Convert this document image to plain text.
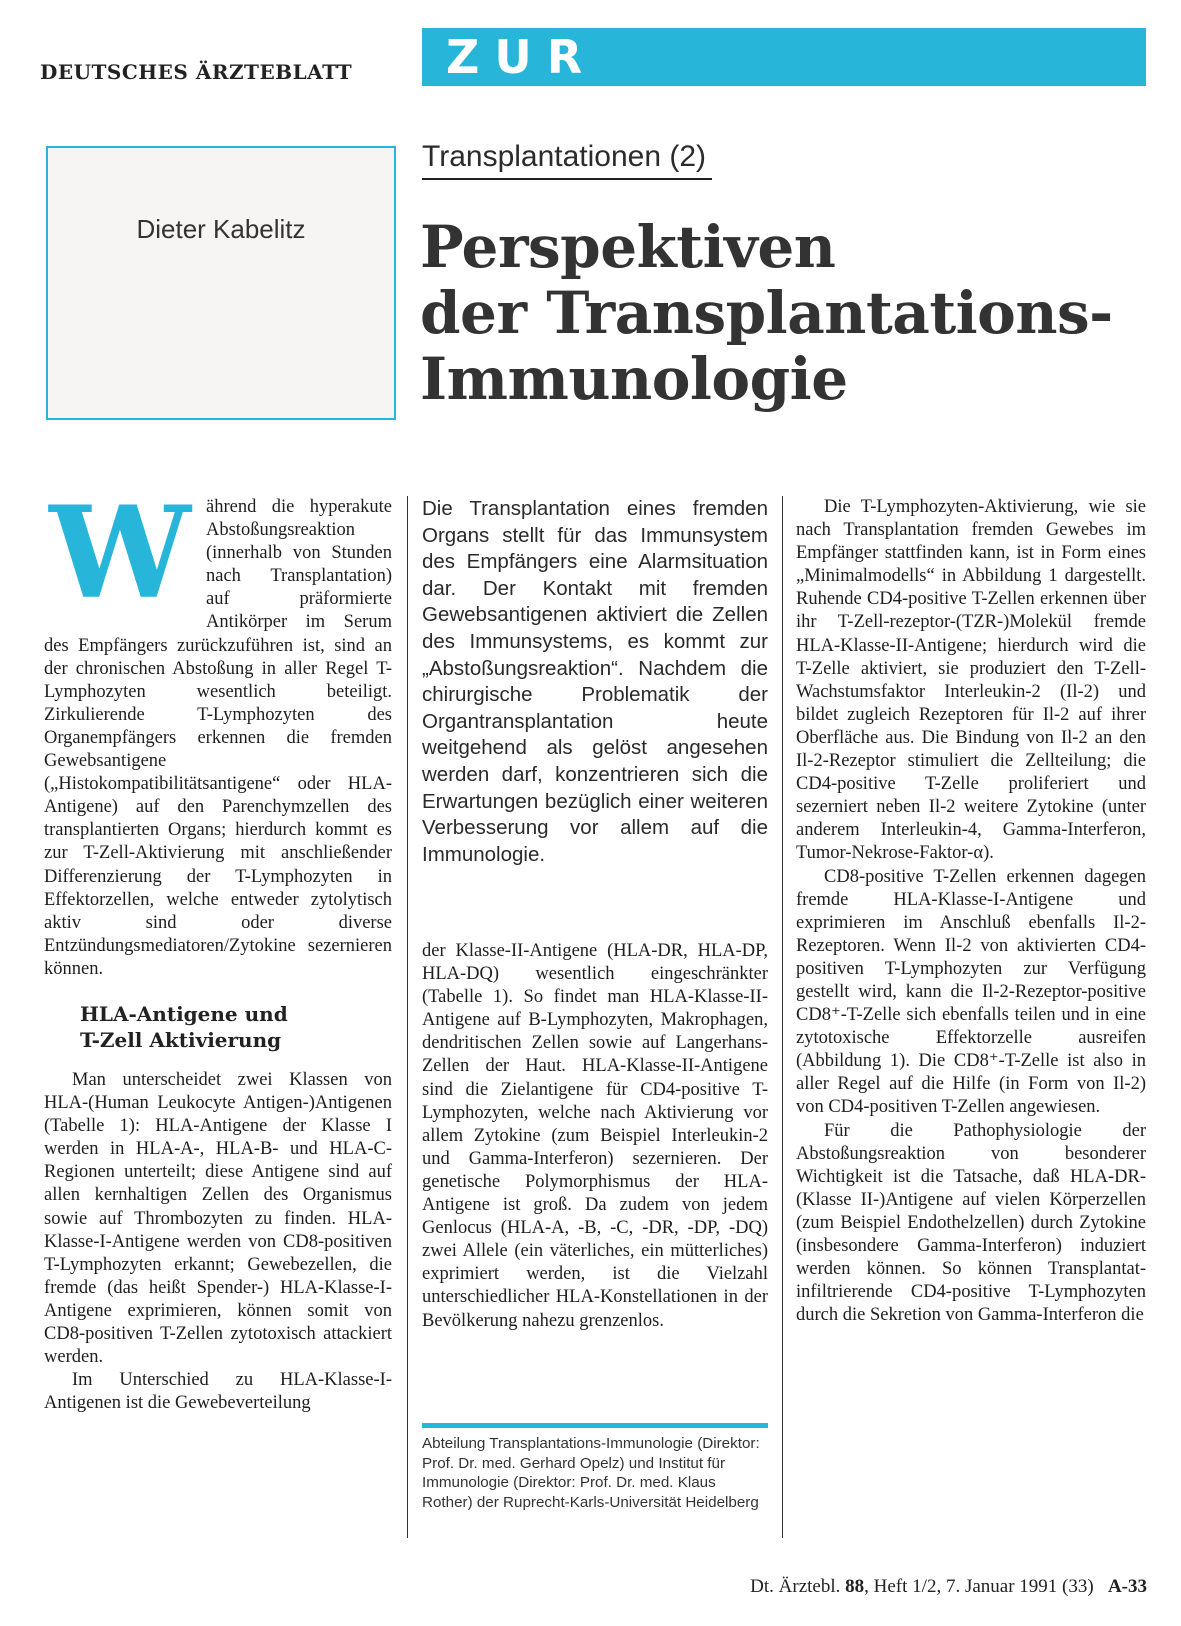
DEUTSCHES ÄRZTEBLATT ZUR FORTBILDUNG
Dieter Kabelitz
Transplantationen (2)
Perspektiven
der Transplantations-
Immunologie

Während die hyperakute Abstoßungsreaktion (innerhalb von Stunden nach Transplantation) auf präformierte Antikörper im Serum des Empfängers zurückzuführen ist, sind an der chronischen Abstoßung in aller Regel T-Lymphozyten wesentlich beteiligt. Zirkulierende T-Lymphozyten des Organempfängers erkennen die fremden Gewebsantigene („Histokompatibilitätsantigene“ oder HLA-Antigene) auf den Parenchymzellen des transplantierten Organs; hierdurch kommt es zur T-Zell-Aktivierung mit anschließender Differenzierung der T-Lymphozyten in Effektorzellen, welche entweder zytolytisch aktiv sind oder diverse Entzündungsmediatoren/Zytokine sezernieren können.

HLA-Antigene und
T-Zell Aktivierung

Man unterscheidet zwei Klassen von HLA-(Human Leukocyte Antigen-)Antigenen (Tabelle 1): HLA-Antigene der Klasse I werden in HLA-A-, HLA-B- und HLA-C-Regionen unterteilt; diese Antigene sind auf allen kernhaltigen Zellen des Organismus sowie auf Thrombozyten zu finden. HLA-Klasse-I-Antigene werden von CD8-positiven T-Lymphozyten erkannt; Gewebezellen, die fremde (das heißt Spender-) HLA-Klasse-I-Antigene exprimieren, können somit von CD8-positiven T-Zellen zytotoxisch attackiert werden.

Im Unterschied zu HLA-Klasse-I-Antigenen ist die Gewebeverteilung

Die Transplantation eines fremden Organs stellt für das Immunsystem des Empfängers eine Alarmsituation dar. Der Kontakt mit fremden Gewebsantigenen aktiviert die Zellen des Immunsystems, es kommt zur „Abstoßungsreaktion“. Nachdem die chirurgische Problematik der Organtransplantation heute weitgehend als gelöst angesehen werden darf, konzentrieren sich die Erwartungen bezüglich einer weiteren Verbesserung vor allem auf die Immunologie.

der Klasse-II-Antigene (HLA-DR, HLA-DP, HLA-DQ) wesentlich eingeschränkter (Tabelle 1). So findet man HLA-Klasse-II-Antigene auf B-Lymphozyten, Makrophagen, dendritischen Zellen sowie auf Langerhans-Zellen der Haut. HLA-Klasse-II-Antigene sind die Zielantigene für CD4-positive T-Lymphozyten, welche nach Aktivierung vor allem Zytokine (zum Beispiel Interleukin-2 und Gamma-Interferon) sezernieren. Der genetische Polymorphismus der HLA-Antigene ist groß. Da zudem von jedem Genlocus (HLA-A, -B, -C, -DR, -DP, -DQ) zwei Allele (ein väterliches, ein mütterliches) exprimiert werden, ist die Vielzahl unterschiedlicher HLA-Konstellationen in der Bevölkerung nahezu grenzenlos.

Abteilung Transplantations-Immunologie (Direktor: Prof. Dr. med. Gerhard Opelz) und Institut für Immunologie (Direktor: Prof. Dr. med. Klaus Rother) der Ruprecht-Karls-Universität Heidelberg

Die T-Lymphozyten-Aktivierung, wie sie nach Transplantation fremden Gewebes im Empfänger stattfinden kann, ist in Form eines „Minimalmodells“ in Abbildung 1 dargestellt. Ruhende CD4-positive T-Zellen erkennen über ihr T-Zell-rezeptor-(TZR-)Molekül fremde HLA-Klasse-II-Antigene; hierdurch wird die T-Zelle aktiviert, sie produziert den T-Zell-Wachstumsfaktor Interleukin-2 (Il-2) und bildet zugleich Rezeptoren für Il-2 auf ihrer Oberfläche aus. Die Bindung von Il-2 an den Il-2-Rezeptor stimuliert die Zellteilung; die CD4-positive T-Zelle proliferiert und sezerniert neben Il-2 weitere Zytokine (unter anderem Interleukin-4, Gamma-Interferon, Tumor-Nekrose-Faktor-α).

CD8-positive T-Zellen erkennen dagegen fremde HLA-Klasse-I-Antigene und exprimieren im Anschluß ebenfalls Il-2-Rezeptoren. Wenn Il-2 von aktivierten CD4-positiven T-Lymphozyten zur Verfügung gestellt wird, kann die Il-2-Rezeptor-positive CD8⁺-T-Zelle sich ebenfalls teilen und in eine zytotoxische Effektorzelle ausreifen (Abbildung 1). Die CD8⁺-T-Zelle ist also in aller Regel auf die Hilfe (in Form von Il-2) von CD4-positiven T-Zellen angewiesen.

Für die Pathophysiologie der Abstoßungsreaktion von besonderer Wichtigkeit ist die Tatsache, daß HLA-DR-(Klasse II-)Antigene auf vielen Körperzellen (zum Beispiel Endothelzellen) durch Zytokine (insbesondere Gamma-Interferon) induziert werden können. So können Transplantat-infiltrierende CD4-positive T-Lymphozyten durch die Sekretion von Gamma-Interferon die

Dt. Ärztebl. 88, Heft 1/2, 7. Januar 1991 (33) A-33
